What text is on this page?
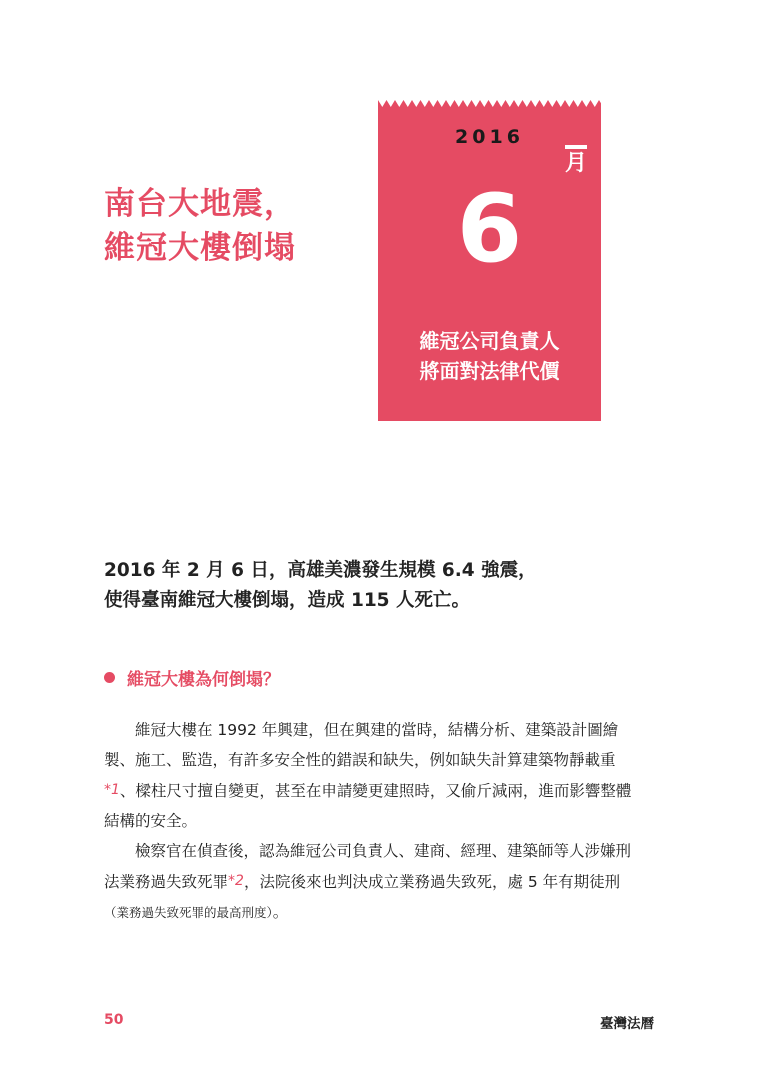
南台大地震，
維冠大樓倒塌
2016
月
6
維冠公司負責人
將面對法律代價

2016 年 2 月 6 日，高雄美濃發生規模 6.4 強震，
使得臺南維冠大樓倒塌，造成 115 人死亡。

維冠大樓為何倒塌？

維冠大樓在 1992 年興建，但在興建的當時，結構分析、建築設計圖繪製、施工、監造，有許多安全性的錯誤和缺失，例如缺失計算建築物靜載重*1、樑柱尺寸擅自變更，甚至在申請變更建照時，又偷斤減兩，進而影響整體結構的安全。

檢察官在偵查後，認為維冠公司負責人、建商、經理、建築師等人涉嫌刑法業務過失致死罪*2，法院後來也判決成立業務過失致死，處 5 年有期徒刑（業務過失致死罪的最高刑度）。

50	臺灣法曆
